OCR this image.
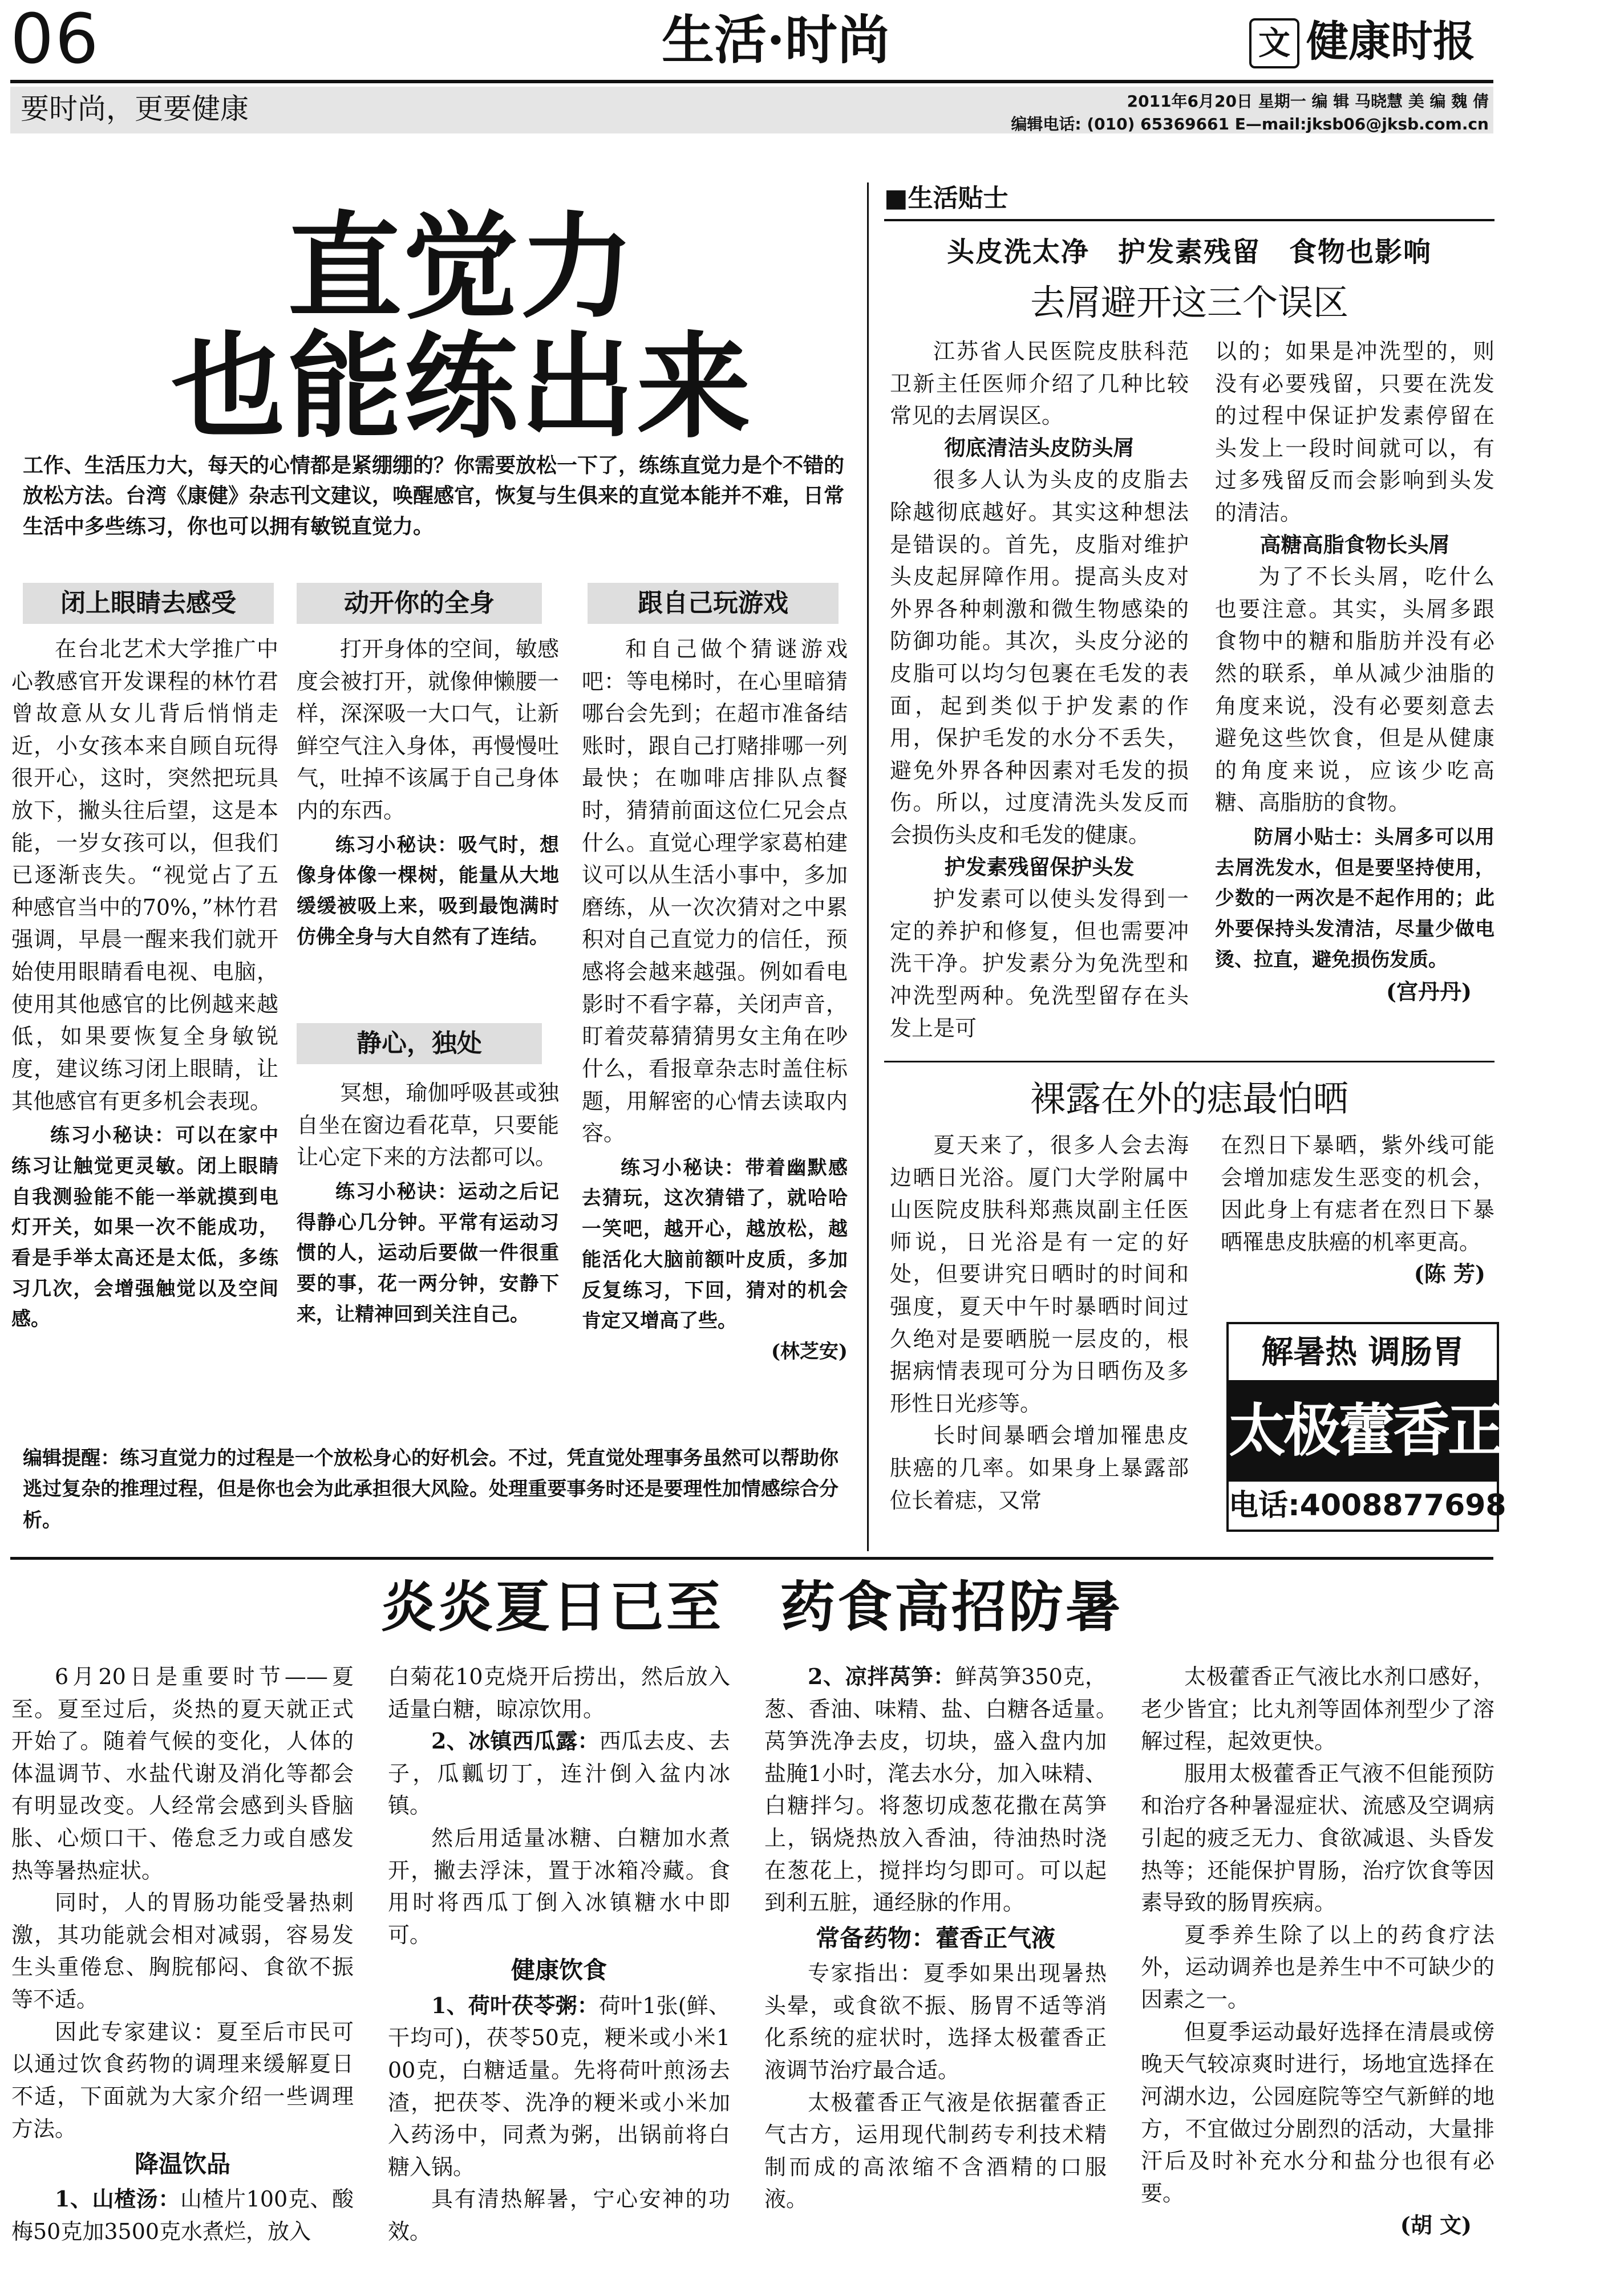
06	生活·时尚	文 健康时报
要时尚，更要健康	2011年6月20日 星期一 编 辑 马晓慧 美 编 魏 倩
编辑电话: (010) 65369661 E—mail:jksb06@jksb.com.cn
直觉力
也能练出来
工作、生活压力大，每天的心情都是紧绷绷的？你需要放松一下了，练练直觉力是个不错的放松方法。台湾《康健》杂志刊文建议，唤醒感官，恢复与生俱来的直觉本能并不难，日常生活中多些练习，你也可以拥有敏锐直觉力。
闭上眼睛去感受

在台北艺术大学推广中心教感官开发课程的林竹君曾故意从女儿背后悄悄走近，小女孩本来自顾自玩得很开心，这时，突然把玩具放下，撇头往后望，这是本能，一岁女孩可以，但我们已逐渐丧失。“视觉占了五种感官当中的70%，”林竹君强调，早晨一醒来我们就开始使用眼睛看电视、电脑，使用其他感官的比例越来越低，如果要恢复全身敏锐度，建议练习闭上眼睛，让其他感官有更多机会表现。

练习小秘诀：可以在家中练习让触觉更灵敏。闭上眼睛自我测验能不能一举就摸到电灯开关，如果一次不能成功，看是手举太高还是太低，多练习几次，会增强触觉以及空间感。

动开你的全身

打开身体的空间，敏感度会被打开，就像伸懒腰一样，深深吸一大口气，让新鲜空气注入身体，再慢慢吐气，吐掉不该属于自己身体内的东西。

练习小秘诀：吸气时，想像身体像一棵树，能量从大地缓缓被吸上来，吸到最饱满时仿佛全身与大自然有了连结。

静心，独处

冥想，瑜伽呼吸甚或独自坐在窗边看花草，只要能让心定下来的方法都可以。

练习小秘诀：运动之后记得静心几分钟。平常有运动习惯的人，运动后要做一件很重要的事，花一两分钟，安静下来，让精神回到关注自己。

跟自己玩游戏

和自己做个猜谜游戏吧：等电梯时，在心里暗猜哪台会先到；在超市准备结账时，跟自己打赌排哪一列最快；在咖啡店排队点餐时，猜猜前面这位仁兄会点什么。直觉心理学家葛柏建议可以从生活小事中，多加磨练，从一次次猜对之中累积对自己直觉力的信任，预感将会越来越强。例如看电影时不看字幕，关闭声音，盯着荧幕猜猜男女主角在吵什么，看报章杂志时盖住标题，用解密的心情去读取内容。

练习小秘诀：带着幽默感去猜玩，这次猜错了，就哈哈一笑吧，越开心，越放松，越能活化大脑前额叶皮质，多加反复练习，下回，猜对的机会肯定又增高了些。
(林芝安)

编辑提醒：练习直觉力的过程是一个放松身心的好机会。不过，凭直觉处理事务虽然可以帮助你逃过复杂的推理过程，但是你也会为此承担很大风险。处理重要事务时还是要理性加情感综合分析。
■生活贴士
头皮洗太净　护发素残留　食物也影响
去屑避开这三个误区

江苏省人民医院皮肤科范卫新主任医师介绍了几种比较常见的去屑误区。

彻底清洁头皮防头屑

很多人认为头皮的皮脂去除越彻底越好。其实这种想法是错误的。首先，皮脂对维护头皮起屏障作用。提高头皮对外界各种刺激和微生物感染的防御功能。其次，头皮分泌的皮脂可以均匀包裹在毛发的表面，起到类似于护发素的作用，保护毛发的水分不丢失，避免外界各种因素对毛发的损伤。所以，过度清洗头发反而会损伤头皮和毛发的健康。

护发素残留保护头发

护发素可以使头发得到一定的养护和修复，但也需要冲洗干净。护发素分为免洗型和冲洗型两种。免洗型留存在头发上是可

以的；如果是冲洗型的，则没有必要残留，只要在洗发的过程中保证护发素停留在头发上一段时间就可以，有过多残留反而会影响到头发的清洁。

高糖高脂食物长头屑

为了不长头屑，吃什么也要注意。其实，头屑多跟食物中的糖和脂肪并没有必然的联系，单从减少油脂的角度来说，没有必要刻意去避免这些饮食，但是从健康的角度来说，应该少吃高糖、高脂肪的食物。

防屑小贴士：头屑多可以用去屑洗发水，但是要坚持使用，少数的一两次是不起作用的；此外要保持头发清洁，尽量少做电烫、拉直，避免损伤发质。

(宫丹丹)

裸露在外的痣最怕晒

夏天来了，很多人会去海边晒日光浴。厦门大学附属中山医院皮肤科郑燕岚副主任医师说，日光浴是有一定的好处，但要讲究日晒时的时间和强度，夏天中午时暴晒时间过久绝对是要晒脱一层皮的，根据病情表现可分为日晒伤及多形性日光疹等。

长时间暴晒会增加罹患皮肤癌的几率。如果身上暴露部位长着痣，又常

在烈日下暴晒，紫外线可能会增加痣发生恶变的机会，因此身上有痣者在烈日下暴晒罹患皮肤癌的机率更高。
(陈 芳)

解暑热 调肠胃
太极藿香正气液
电话:4008877698
炎炎夏日已至　药食高招防暑

6月20日是重要时节——夏至。夏至过后，炎热的夏天就正式开始了。随着气候的变化，人体的体温调节、水盐代谢及消化等都会有明显改变。人经常会感到头昏脑胀、心烦口干、倦怠乏力或自感发热等暑热症状。

同时，人的胃肠功能受暑热刺激，其功能就会相对减弱，容易发生头重倦怠、胸脘郁闷、食欲不振等不适。

因此专家建议：夏至后市民可以通过饮食药物的调理来缓解夏日不适，下面就为大家介绍一些调理方法。

降温饮品

1、山楂汤：山楂片100克、酸梅50克加3500克水煮烂，放入

白菊花10克烧开后捞出，然后放入适量白糖，晾凉饮用。

2、冰镇西瓜露：西瓜去皮、去子，瓜瓤切丁，连汁倒入盆内冰镇。

然后用适量冰糖、白糖加水煮开，撇去浮沫，置于冰箱冷藏。食用时将西瓜丁倒入冰镇糖水中即可。

健康饮食

1、荷叶茯苓粥：荷叶1张(鲜、干均可)，茯苓50克，粳米或小米100克，白糖适量。先将荷叶煎汤去渣，把茯苓、洗净的粳米或小米加入药汤中，同煮为粥，出锅前将白糖入锅。

具有清热解暑，宁心安神的功效。

2、凉拌莴笋：鲜莴笋350克，葱、香油、味精、盐、白糖各适量。　莴笋洗净去皮，切块，盛入盘内加盐腌1小时，滗去水分，加入味精、白糖拌匀。将葱切成葱花撒在莴笋上，锅烧热放入香油，待油热时浇在葱花上，搅拌均匀即可。可以起到利五脏，通经脉的作用。

常备药物：藿香正气液

专家指出：夏季如果出现暑热头晕，或食欲不振、肠胃不适等消化系统的症状时，选择太极藿香正液调节治疗最合适。

太极藿香正气液是依据藿香正气古方，运用现代制药专利技术精制而成的高浓缩不含酒精的口服液。

太极藿香正气液比水剂口感好，老少皆宜；比丸剂等固体剂型少了溶解过程，起效更快。

服用太极藿香正气液不但能预防和治疗各种暑湿症状、流感及空调病引起的疲乏无力、食欲减退、头昏发热等；还能保护胃肠，治疗饮食等因素导致的肠胃疾病。

夏季养生除了以上的药食疗法外，运动调养也是养生中不可缺少的因素之一。

但夏季运动最好选择在清晨或傍晚天气较凉爽时进行，场地宜选择在河湖水边，公园庭院等空气新鲜的地方，不宜做过分剧烈的活动，大量排汗后及时补充水分和盐分也很有必要。

(胡 文)
